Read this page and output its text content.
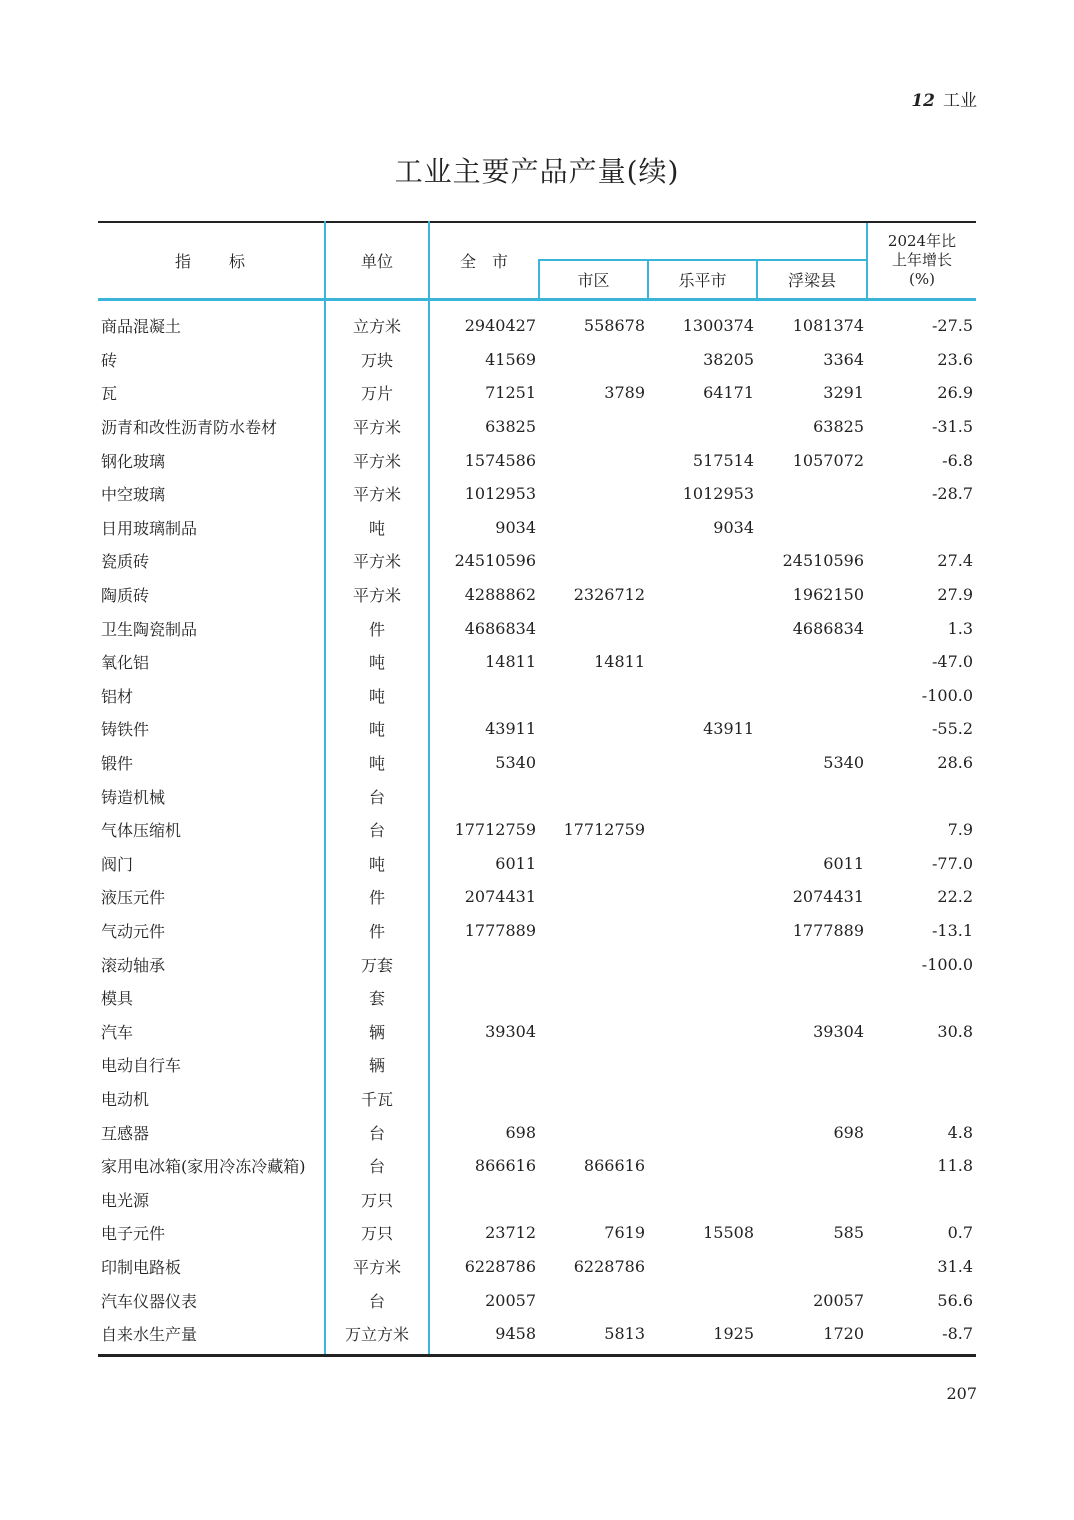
12 工业
工业主要产品产量(续)
指 标	单位	全 市				2024年比
上年增长
(%)

			市区	乐平市	浮梁县	
商品混凝土	立方米	2940427	558678	1300374	1081374	-27.5
砖	万块	41569		38205	3364	23.6
瓦	万片	71251	3789	64171	3291	26.9
沥青和改性沥青防水卷材	平方米	63825			63825	-31.5
钢化玻璃	平方米	1574586		517514	1057072	-6.8
中空玻璃	平方米	1012953		1012953		-28.7
日用玻璃制品	吨	9034		9034		
瓷质砖	平方米	24510596			24510596	27.4
陶质砖	平方米	4288862	2326712		1962150	27.9
卫生陶瓷制品	件	4686834			4686834	1.3
氧化铝	吨	14811	14811			-47.0
铝材	吨					-100.0
铸铁件	吨	43911		43911		-55.2
锻件	吨	5340			5340	28.6
铸造机械	台					
气体压缩机	台	17712759	17712759			7.9
阀门	吨	6011			6011	-77.0
液压元件	件	2074431			2074431	22.2
气动元件	件	1777889			1777889	-13.1
滚动轴承	万套					-100.0
模具	套					
汽车	辆	39304			39304	30.8
电动自行车	辆					
电动机	千瓦					
互感器	台	698			698	4.8
家用电冰箱(家用冷冻冷藏箱)	台	866616	866616			11.8
电光源	万只					
电子元件	万只	23712	7619	15508	585	0.7
印制电路板	平方米	6228786	6228786			31.4
汽车仪器仪表	台	20057			20057	56.6
自来水生产量	万立方米	9458	5813	1925	1720	-8.7
207
